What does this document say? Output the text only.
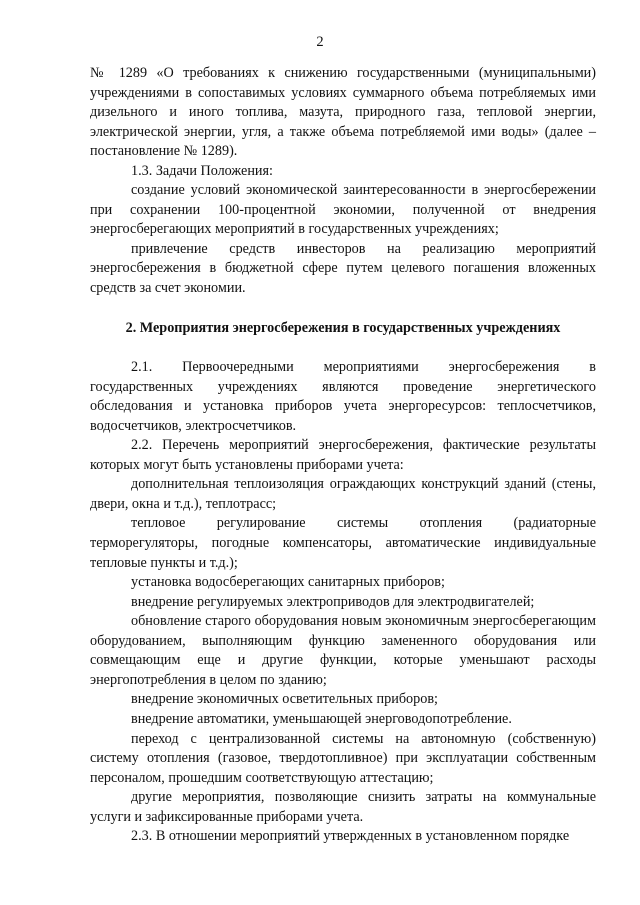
2

№ 1289 «О требованиях к снижению государственными (муниципальными) учреждениями в сопоставимых условиях суммарного объема потребляемых ими дизельного и иного топлива, мазута, природного газа, тепловой энергии, электрической энергии, угля, а также объема потребляемой ими воды» (далее – постановление № 1289).

1.3. Задачи Положения:

создание условий экономической заинтересованности в энергосбережении при сохранении 100-процентной экономии, полученной от внедрения энергосберегающих мероприятий в государственных учреждениях;

привлечение средств инвесторов на реализацию мероприятий энергосбережения в бюджетной сфере путем целевого погашения вложенных средств за счет экономии.

2. Мероприятия энергосбережения в государственных учреждениях

2.1. Первоочередными мероприятиями энергосбережения в государственных учреждениях являются проведение энергетического обследования и установка приборов учета энергоресурсов: теплосчетчиков, водосчетчиков, электросчетчиков.

2.2. Перечень мероприятий энергосбережения, фактические результаты которых могут быть установлены приборами учета:

дополнительная теплоизоляция ограждающих конструкций зданий (стены, двери, окна и т.д.), теплотрасс;

тепловое регулирование системы отопления (радиаторные терморегуляторы, погодные компенсаторы, автоматические индивидуальные тепловые пункты и т.д.);

установка водосберегающих санитарных приборов;

внедрение регулируемых электроприводов для электродвигателей;

обновление старого оборудования новым экономичным энергосберегающим оборудованием, выполняющим функцию замененного оборудования или совмещающим еще и другие функции, которые уменьшают расходы энергопотребления в целом по зданию;

внедрение экономичных осветительных приборов;

внедрение автоматики, уменьшающей энерговодопотребление.

переход с централизованной системы на автономную (собственную) систему отопления (газовое, твердотопливное) при эксплуатации собственным персоналом, прошедшим соответствующую аттестацию;

другие мероприятия, позволяющие снизить затраты на коммунальные услуги и зафиксированные приборами учета.

2.3. В отношении мероприятий утвержденных в установленном порядке
